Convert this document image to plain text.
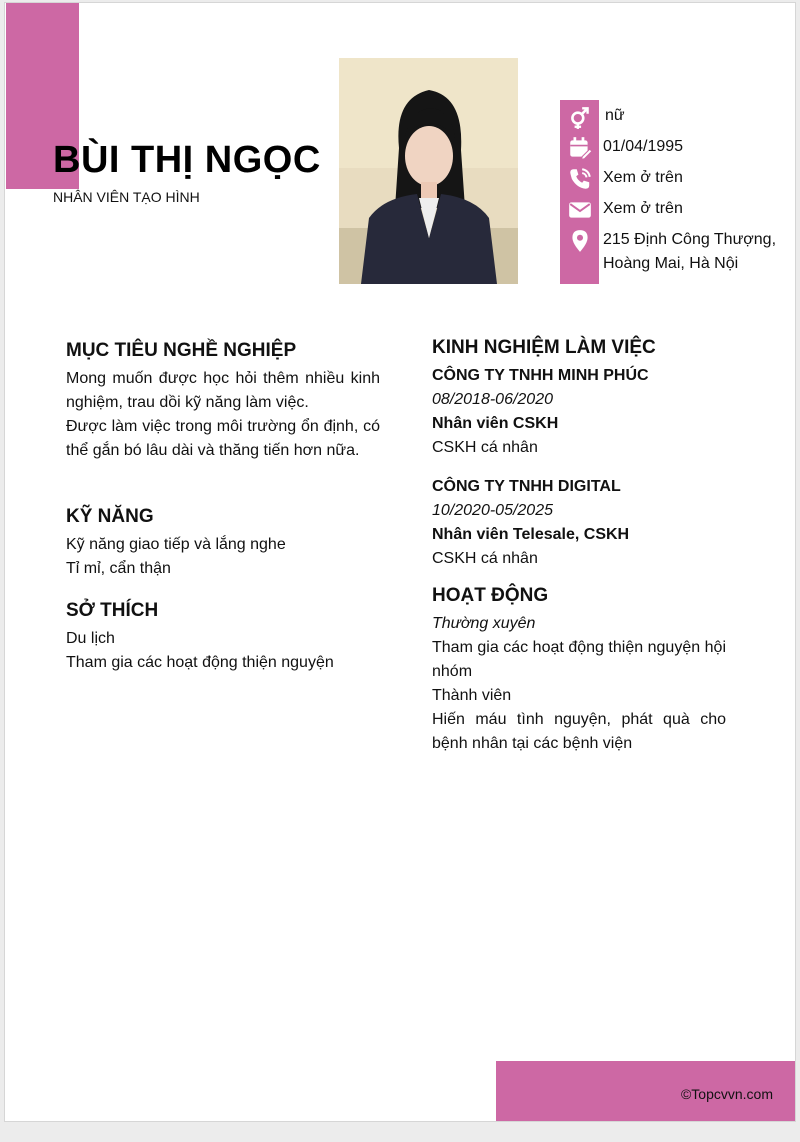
BÙI THỊ NGỌC
NHÂN VIÊN TẠO HÌNH
nữ
01/04/1995
Xem ở trên
Xem ở trên
215 Định Công Thượng,
Hoàng Mai, Hà Nội
MỤC TIÊU NGHỀ NGHIỆP

Mong muốn được học hỏi thêm nhiều kinh nghiệm, trau dồi kỹ năng làm việc.

Được làm việc trong môi trường ổn định, có thể gắn bó lâu dài và thăng tiến hơn nữa.

KỸ NĂNG

Kỹ năng giao tiếp và lắng nghe

Tỉ mỉ, cẩn thận

SỞ THÍCH

Du lịch

Tham gia các hoạt động thiện nguyện

KINH NGHIỆM LÀM VIỆC

CÔNG TY TNHH MINH PHÚC

08/2018-06/2020

Nhân viên CSKH

CSKH cá nhân

CÔNG TY TNHH DIGITAL

10/2020-05/2025

Nhân viên Telesale, CSKH

CSKH cá nhân

HOẠT ĐỘNG

Thường xuyên

Tham gia các hoạt động thiện nguyện hội nhóm

Thành viên

Hiến máu tình nguyện, phát quà cho bệnh nhân tại các bệnh viện

©Topcvvn.com
